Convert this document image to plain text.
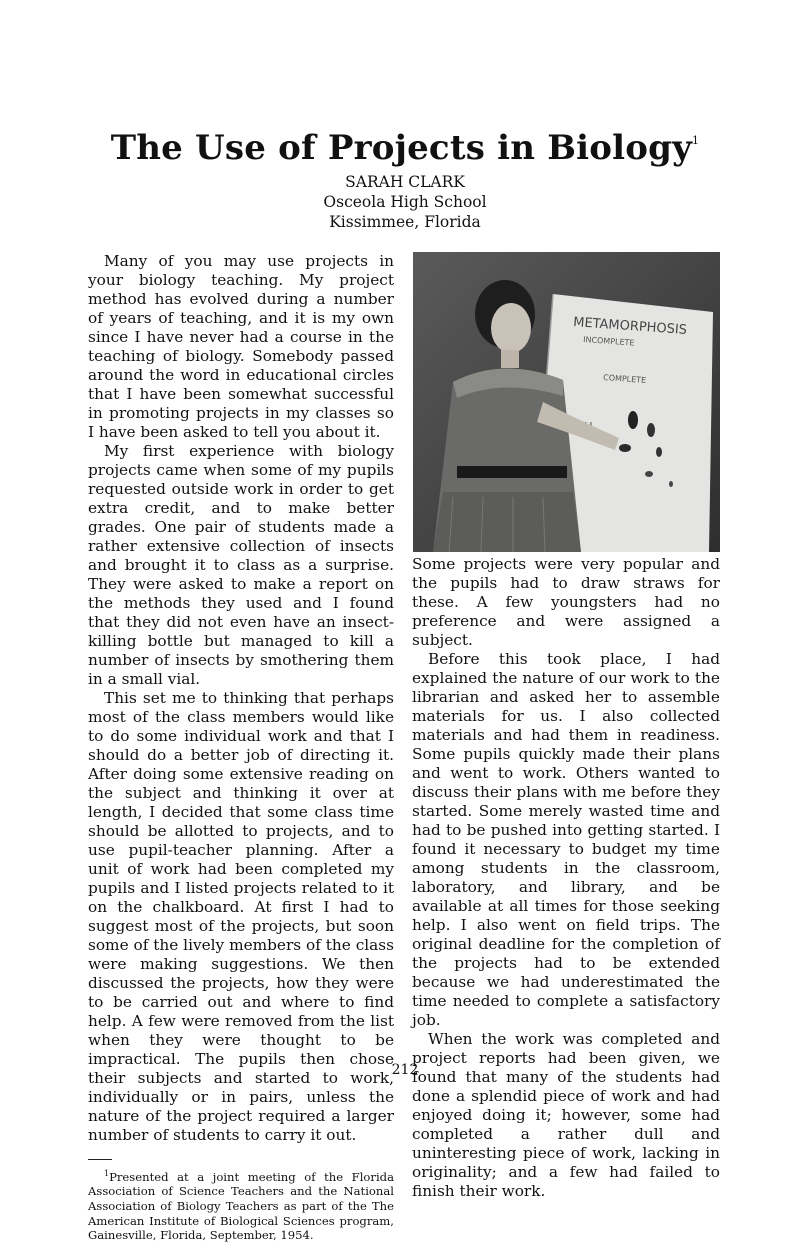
The Use of Projects in Biology$^1$
SARAH CLARK
Osceola High School
Kissimmee, Florida

Many of you may use projects in your biology teaching. My project method has evolved during a number of years of teaching, and it is my own since I have never had a course in the teaching of biology. Somebody passed around the word in educational circles that I have been somewhat successful in promoting projects in my classes so I have been asked to tell you about it.

My first experience with biology projects came when some of my pupils requested outside work in order to get extra credit, and to make better grades. One pair of students made a rather extensive collection of insects and brought it to class as a surprise. They were asked to make a report on the methods they used and I found that they did not even have an insect-killing bottle but managed to kill a number of insects by smothering them in a small vial.

This set me to thinking that perhaps most of the class members would like to do some individual work and that I should do a better job of directing it. After doing some extensive reading on the subject and thinking it over at length, I decided that some class time should be allotted to projects, and to use pupil-teacher planning. After a unit of work had been completed my pupils and I listed projects related to it on the chalkboard. At first I had to suggest most of the projects, but soon some of the lively members of the class were making suggestions. We then discussed the projects, how they were to be carried out and where to find help. A few were removed from the list when they were thought to be impractical. The pupils then chose their subjects and started to work, individually or in pairs, unless the nature of the project required a larger number of students to carry it out.

$^1$Presented at a joint meeting of the Florida Association of Science Teachers and the National Association of Biology Teachers as part of the The American Institute of Biological Sciences program, Gainesville, Florida, September, 1954.

METAMORPHOSIS
INCOMPLETE
COMPLETE

Some projects were very popular and the pupils had to draw straws for these. A few youngsters had no preference and were assigned a subject.

Before this took place, I had explained the nature of our work to the librarian and asked her to assemble materials for us. I also collected materials and had them in readiness. Some pupils quickly made their plans and went to work. Others wanted to discuss their plans with me before they started. Some merely wasted time and had to be pushed into getting started. I found it necessary to budget my time among students in the classroom, laboratory, and library, and be available at all times for those seeking help. I also went on field trips. The original deadline for the completion of the projects had to be extended because we had underestimated the time needed to complete a satisfactory job.

When the work was completed and project reports had been given, we found that many of the students had done a splendid piece of work and had enjoyed doing it; however, some had completed a rather dull and uninteresting piece of work, lacking in originality; and a few had failed to finish their work.

212
